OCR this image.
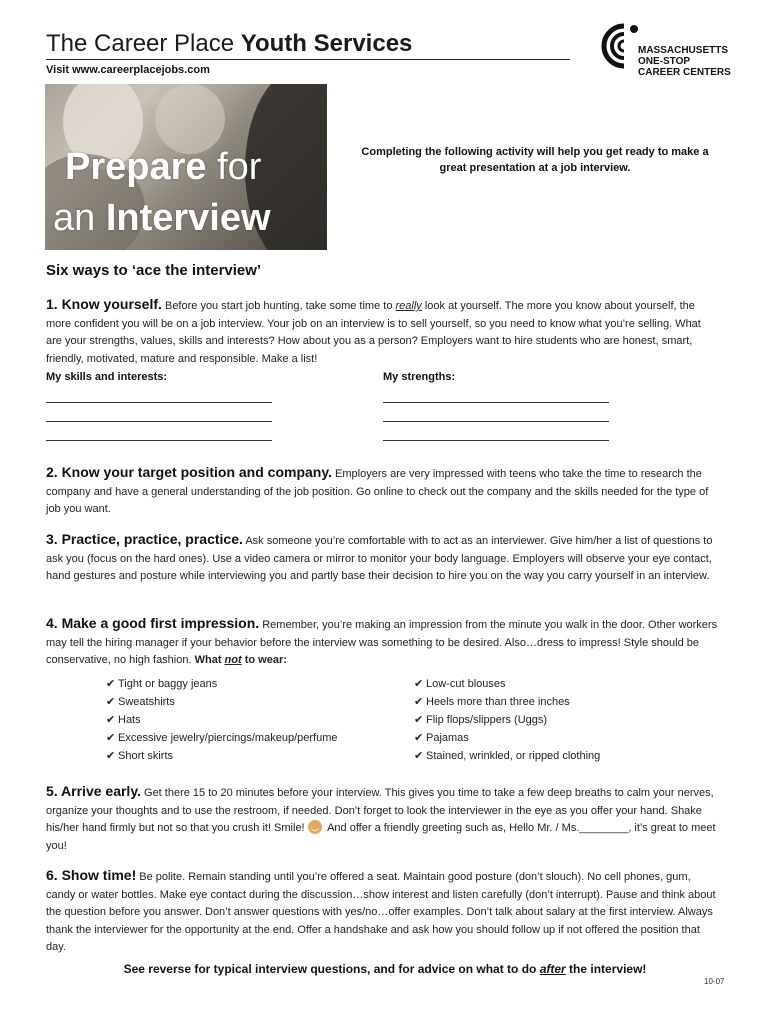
The Career Place Youth Services
Visit www.careerplacejobs.com
MASSACHUSETTS
ONE-STOP
CAREER CENTERS
Prepare for
an Interview
Completing the following activity will help you get ready to make a great presentation at a job interview.
Six ways to ‘ace the interview’
1. Know yourself. Before you start job hunting, take some time to really look at yourself. The more you know about yourself, the more confident you will be on a job interview. Your job on an interview is to sell yourself, so you need to know what you’re selling. What are your strengths, values, skills and interests? How about you as a person? Employers want to hire students who are honest, smart, friendly, motivated, mature and responsible. Make a list!
My skills and interests:	My strengths:
2. Know your target position and company. Employers are very impressed with teens who take the time to research the company and have a general understanding of the job position. Go online to check out the company and the skills needed for the type of job you want.
3. Practice, practice, practice. Ask someone you’re comfortable with to act as an interviewer. Give him/her a list of questions to ask you (focus on the hard ones). Use a video camera or mirror to monitor your body language. Employers will observe your eye contact, hand gestures and posture while interviewing you and partly base their decision to hire you on the way you carry yourself in an interview.
4. Make a good first impression. Remember, you’re making an impression from the minute you walk in the door. Other workers may tell the hiring manager if your behavior before the interview was something to be desired. Also…dress to impress! Style should be conservative, no high fashion. What not to wear:
✔ Tight or baggy jeans
✔ Sweatshirts
✔ Hats
✔ Excessive jewelry/piercings/makeup/perfume
✔ Short skirts
✔ Low-cut blouses
✔ Heels more than three inches
✔ Flip flops/slippers (Uggs)
✔ Pajamas
✔ Stained, wrinkled, or ripped clothing
5. Arrive early. Get there 15 to 20 minutes before your interview. This gives you time to take a few deep breaths to calm your nerves, organize your thoughts and to use the restroom, if needed. Don’t forget to look the interviewer in the eye as you offer your hand. Shake his/her hand firmly but not so that you crush it! Smile! And offer a friendly greeting such as, Hello Mr. / Ms.________, it’s great to meet you!
6. Show time! Be polite. Remain standing until you’re offered a seat. Maintain good posture (don’t slouch). No cell phones, gum, candy or water bottles. Make eye contact during the discussion…show interest and listen carefully (don’t interrupt). Pause and think about the question before you answer. Don’t answer questions with yes/no…offer examples. Don’t talk about salary at the first interview. Always thank the interviewer for the opportunity at the end. Offer a handshake and ask how you should follow up if not offered the position that day.
See reverse for typical interview questions, and for advice on what to do after the interview!
10-07
